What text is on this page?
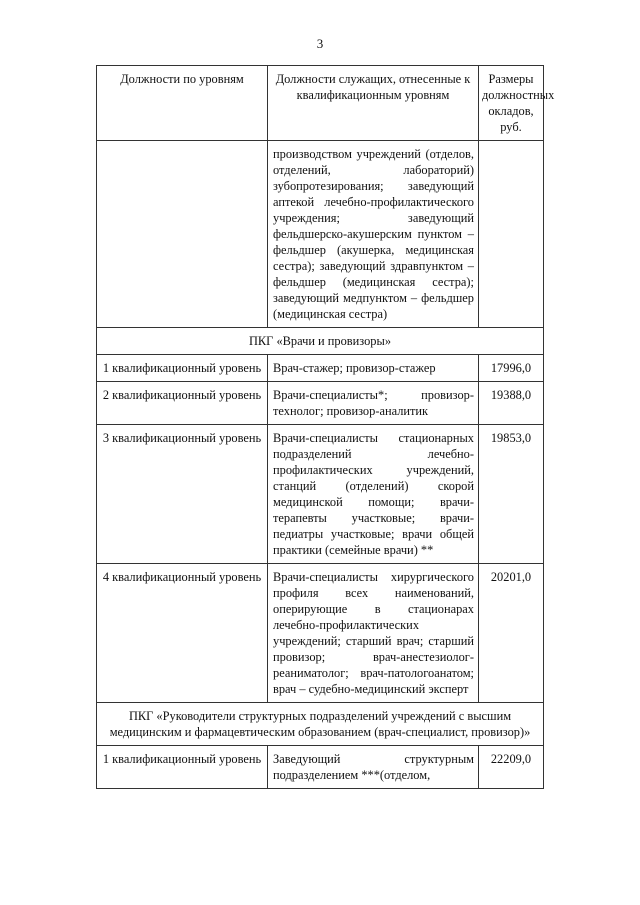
3
Должности по уровням	Должности служащих, отнесенные к квалификационным уровням	Размеры должностных окладов, руб.
	производством учреждений (отделов, отделений, лабораторий) зубопротезирования; заведующий аптекой лечебно-профилактического учреждения; заведующий фельдшерско-акушерским пунктом – фельдшер (акушерка, медицинская сестра); заведующий здравпунктом – фельдшер (медицинская сестра); заведующий медпунктом – фельдшер (медицинская сестра)	
ПКГ «Врачи и провизоры»		
1 квалификационный уровень	Врач-стажер; провизор-стажер	17996,0
2 квалификационный уровень	Врачи-специалисты*; провизор-технолог; провизор-аналитик	19388,0
3 квалификационный уровень	Врачи-специалисты стационарных подразделений лечебно-профилактических учреждений, станций (отделений) скорой медицинской помощи; врачи-терапевты участковые; врачи-педиатры участковые; врачи общей практики (семейные врачи) **	19853,0
4 квалификационный уровень	Врачи-специалисты хирургического профиля всех наименований, оперирующие в стационарах лечебно-профилактических учреждений; старший врач; старший провизор; врач-анестезиолог-реаниматолог; врач-патологоанатом; врач – судебно-медицинский эксперт	20201,0
ПКГ «Руководители структурных подразделений учреждений с высшим медицинским и фармацевтическим образованием (врач-специалист, провизор)»		
1 квалификационный уровень	Заведующий структурным подразделением ***(отделом,	22209,0
